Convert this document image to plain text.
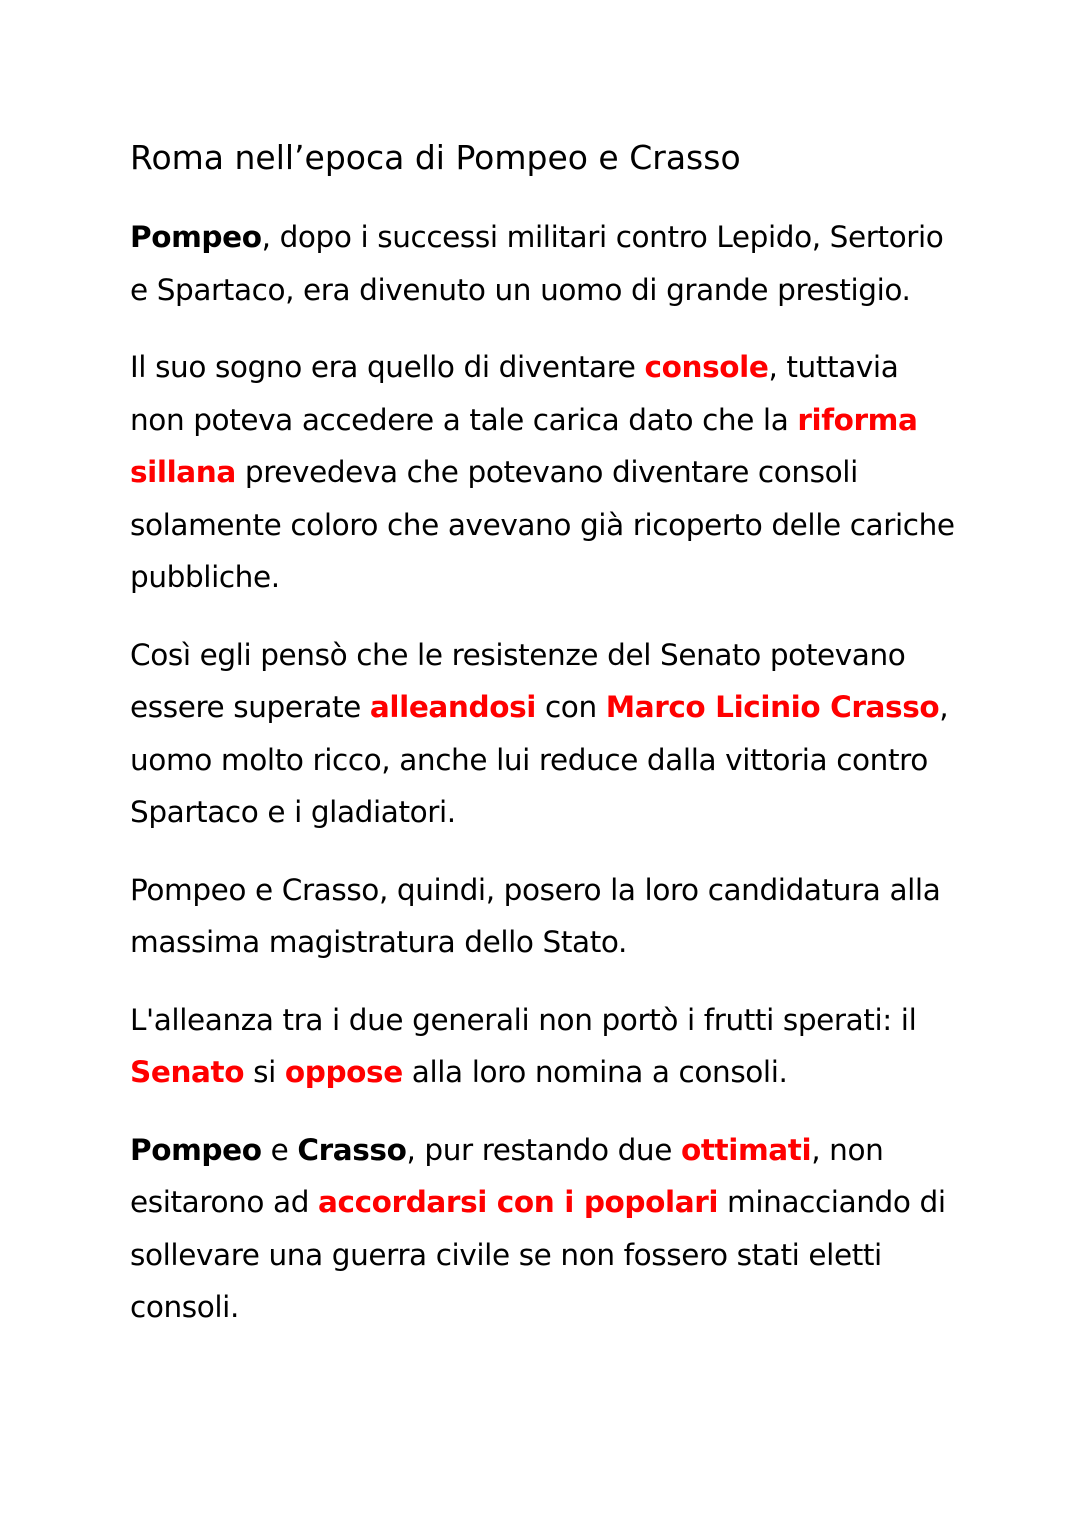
Roma nell’epoca di Pompeo e Crasso

Pompeo, dopo i successi militari contro Lepido, Sertorio e Spartaco, era divenuto un uomo di grande prestigio.

Il suo sogno era quello di diventare console, tuttavia non poteva accedere a tale carica dato che la riforma sillana prevedeva che potevano diventare consoli solamente coloro che avevano già ricoperto delle cariche pubbliche.

Così egli pensò che le resistenze del Senato potevano essere superate alleandosi con Marco Licinio Crasso, uomo molto ricco, anche lui reduce dalla vittoria contro Spartaco e i gladiatori.

Pompeo e Crasso, quindi, posero la loro candidatura alla massima magistratura dello Stato.

L'alleanza tra i due generali non portò i frutti sperati: il Senato si oppose alla loro nomina a consoli.

Pompeo e Crasso, pur restando due ottimati, non esitarono ad accordarsi con i popolari minacciando di sollevare una guerra civile se non fossero stati eletti consoli.
